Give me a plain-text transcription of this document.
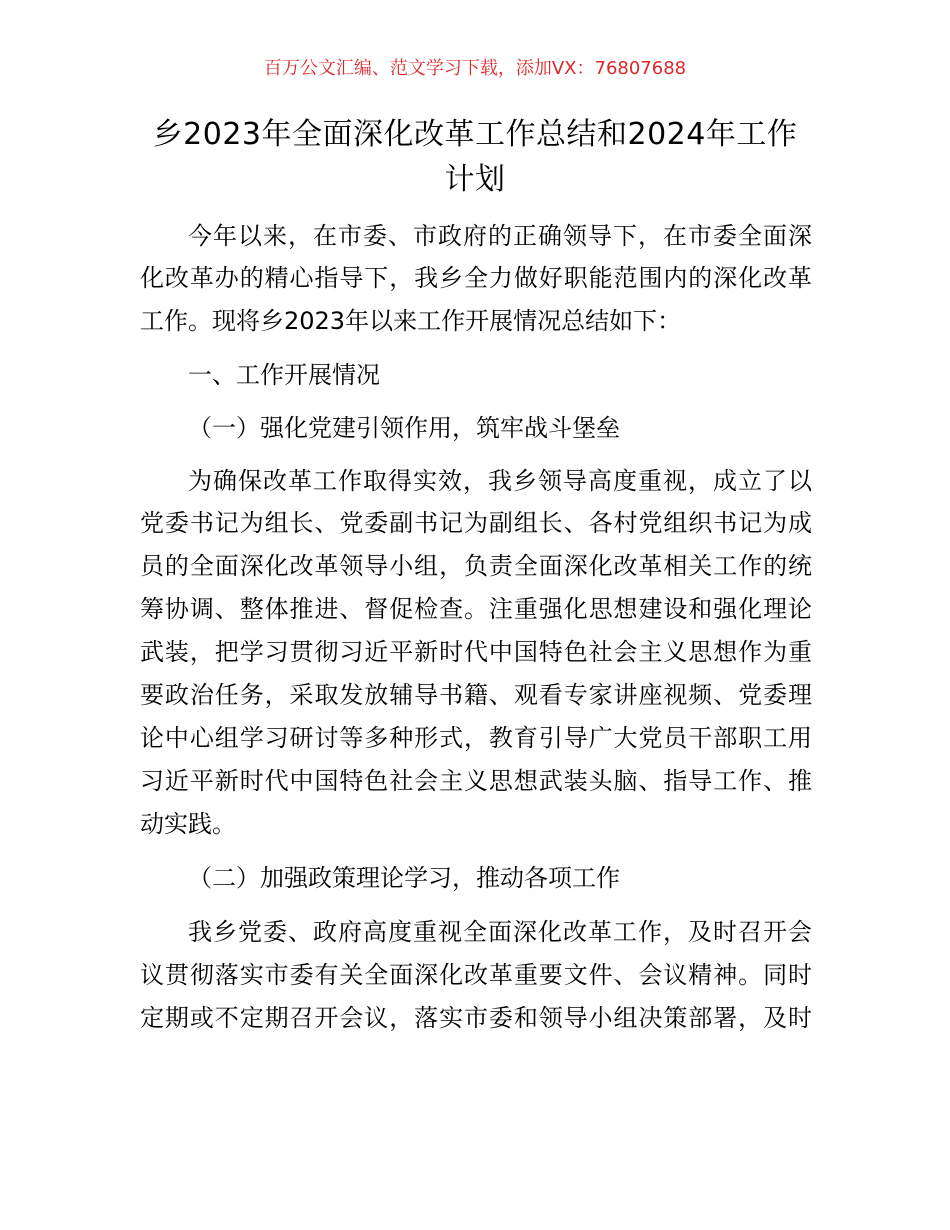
百万公文汇编、范文学习下载，添加VX：76807688
乡2023年全面深化改革工作总结和2024年工作计划

今年以来，在市委、市政府的正确领导下，在市委全面深

化改革办的精心指导下，我乡全力做好职能范围内的深化改革

工作。现将乡2023年以来工作开展情况总结如下：

一、工作开展情况

（一）强化党建引领作用，筑牢战斗堡垒

为确保改革工作取得实效，我乡领导高度重视，成立了以

党委书记为组长、党委副书记为副组长、各村党组织书记为成

员的全面深化改革领导小组，负责全面深化改革相关工作的统

筹协调、整体推进、督促检查。注重强化思想建设和强化理论

武装，把学习贯彻习近平新时代中国特色社会主义思想作为重

要政治任务，采取发放辅导书籍、观看专家讲座视频、党委理

论中心组学习研讨等多种形式，教育引导广大党员干部职工用

习近平新时代中国特色社会主义思想武装头脑、指导工作、推

动实践。

（二）加强政策理论学习，推动各项工作

我乡党委、政府高度重视全面深化改革工作，及时召开会

议贯彻落实市委有关全面深化改革重要文件、会议精神。同时

定期或不定期召开会议，落实市委和领导小组决策部署，及时
